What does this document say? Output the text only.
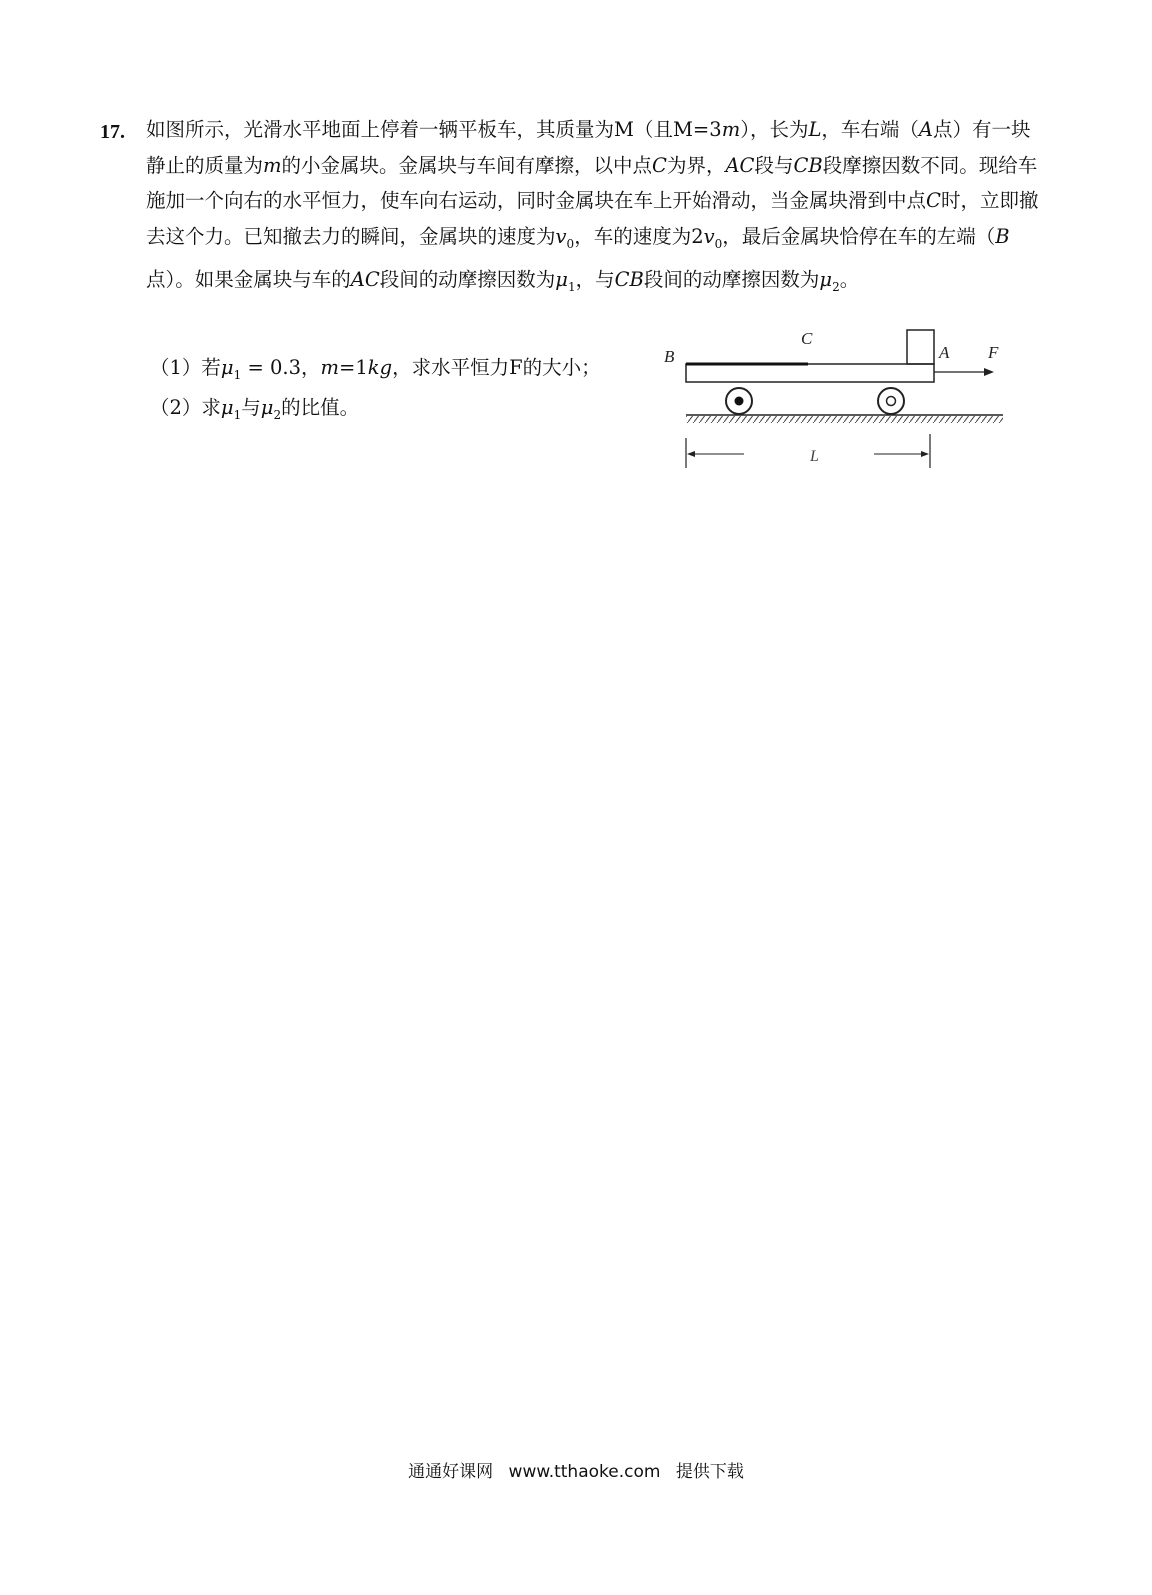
17. 如图所示，光滑水平地面上停着一辆平板车，其质量为M（且M=3m），长为L，车右端（A点）有一块静止的质量为m的小金属块。金属块与车间有摩擦，以中点C为界，AC段与CB段摩擦因数不同。现给车施加一个向右的水平恒力，使车向右运动，同时金属块在车上开始滑动，当金属块滑到中点C时，立即撤去这个力。已知撤去力的瞬间，金属块的速度为$v_0$，车的速度为$2v_0$，最后金属块恰停在车的左端（B点）。如果金属块与车的AC段间的动摩擦因数为$\mu_1$，与CB段间的动摩擦因数为$\mu_2$。
（1）若$\mu_1 = 0.3$，m=1kg，求水平恒力F的大小；
（2）求$\mu_1$与$\mu_2$的比值。
B
C
A F
L
通通好课网 www.tthaoke.com 提供下载
